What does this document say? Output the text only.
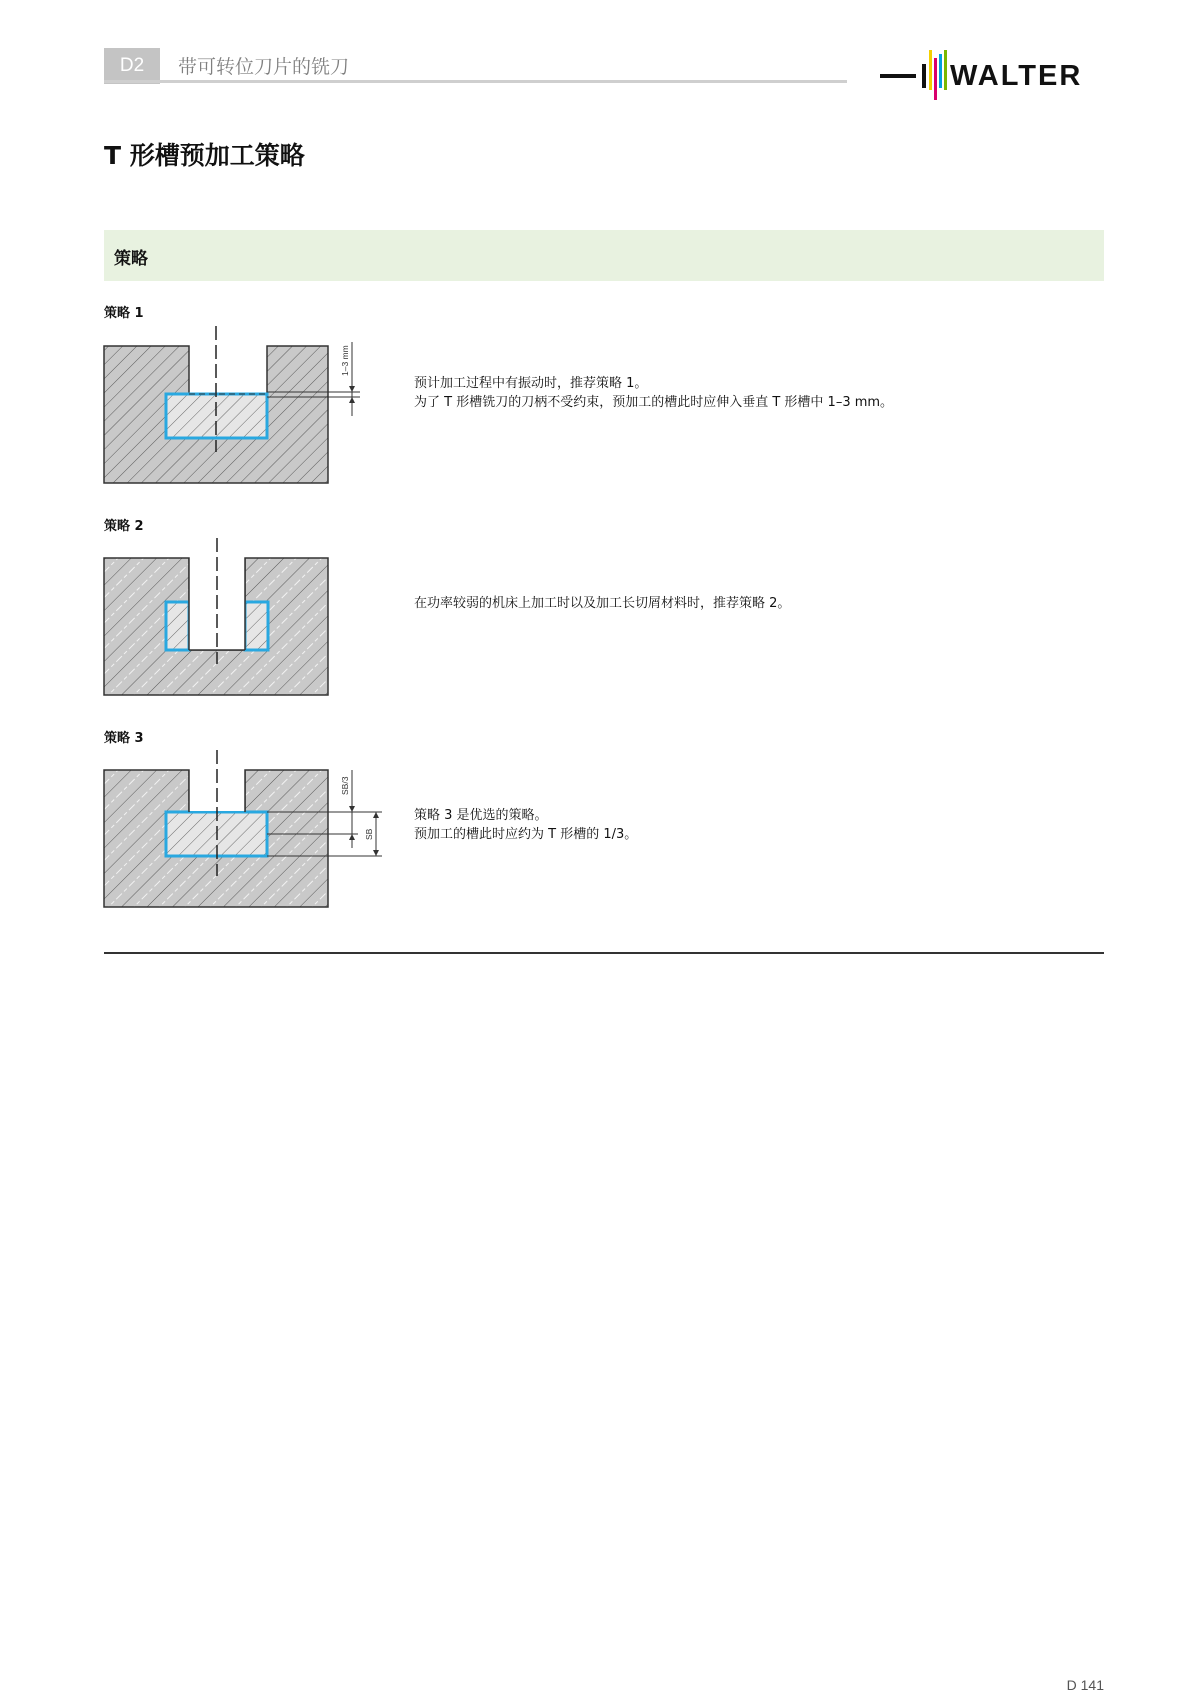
D2	带可转位刀片的铣刀	WALTER
T 形槽预加工策略
策略
策略 1
1–3 mm

预计加工过程中有振动时，推荐策略 1。

为了 T 形槽铣刀的刀柄不受约束，预加工的槽此时应伸入垂直 T 形槽中 1–3 mm。

策略 2

在功率较弱的机床上加工时以及加工长切屑材料时，推荐策略 2。

策略 3
SB/3
SB

策略 3 是优选的策略。

预加工的槽此时应约为 T 形槽的 1/3。

D 141
